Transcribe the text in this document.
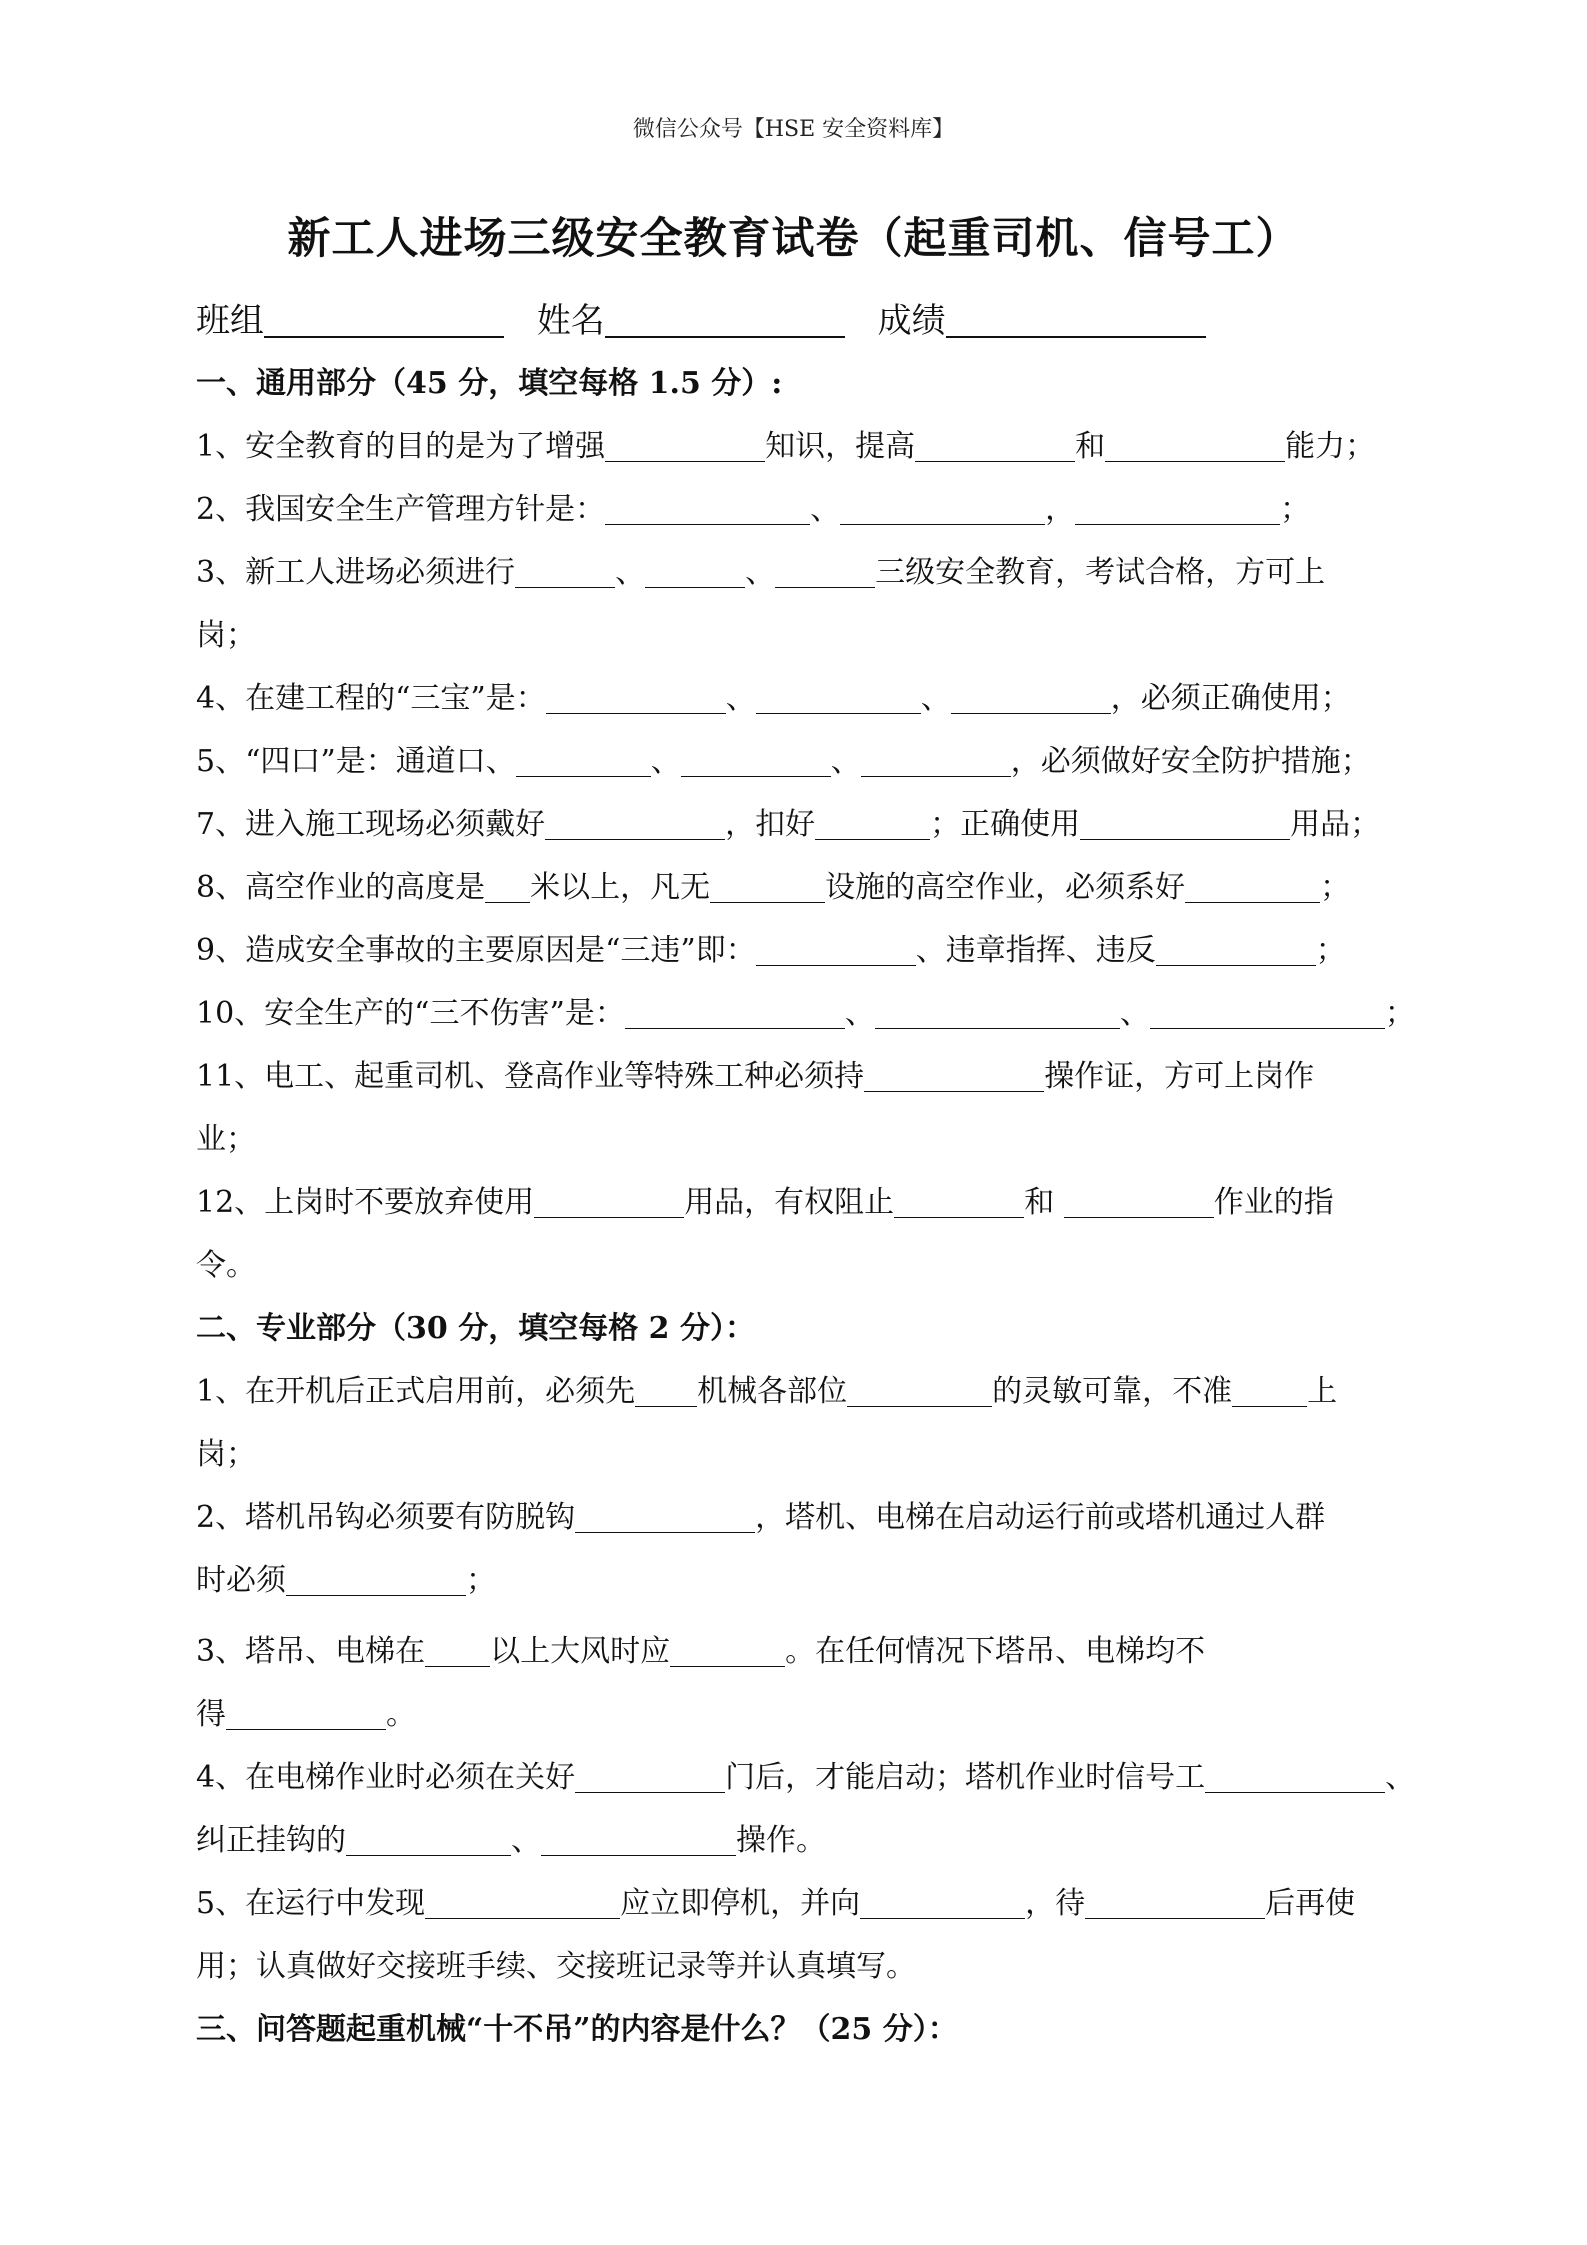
微信公众号【HSE 安全资料库】
新工人进场三级安全教育试卷（起重司机、信号工）
班组	姓名	成绩
一、通用部分（45 分，填空每格 1.5 分）:
1、安全教育的目的是为了增强	知识，提高	和	能力；
2、我国安全生产管理方针是：	、	，	；
3、新工人进场必须进行	、	、	三级安全教育，考试合格，方可上
岗；
4、在建工程的“三宝”是：	、	、	，必须正确使用；
5、“四口”是：通道口、	、	、	，必须做好安全防护措施；
7、进入施工现场必须戴好	，扣好	；正确使用	用品；
8、高空作业的高度是 米以上，凡无	设施的高空作业，必须系好	；
9、造成安全事故的主要原因是“三违”即：	、违章指挥、违反	；
10、安全生产的“三不伤害”是：	、	、	；
11、电工、起重司机、登高作业等特殊工种必须持	操作证，方可上岗作
业；
12、上岗时不要放弃使用	用品，有权阻止	和	作业的指
令。
二、专业部分（30 分，填空每格 2 分）：
1、在开机后正式启用前，必须先 机械各部位	的灵敏可靠，不准	上
岗；
2、塔机吊钩必须要有防脱钩	，塔机、电梯在启动运行前或塔机通过人群
时必须	；
3、塔吊、电梯在 以上大风时应	。在任何情况下塔吊、电梯均不
得	。
4、在电梯作业时必须在关好	门后，才能启动；塔机作业时信号工	、
纠正挂钩的	、	操作。
5、在运行中发现	应立即停机，并向	，待	后再使
用；认真做好交接班手续、交接班记录等并认真填写。
三、问答题起重机械“十不吊”的内容是什么？（25 分）：
